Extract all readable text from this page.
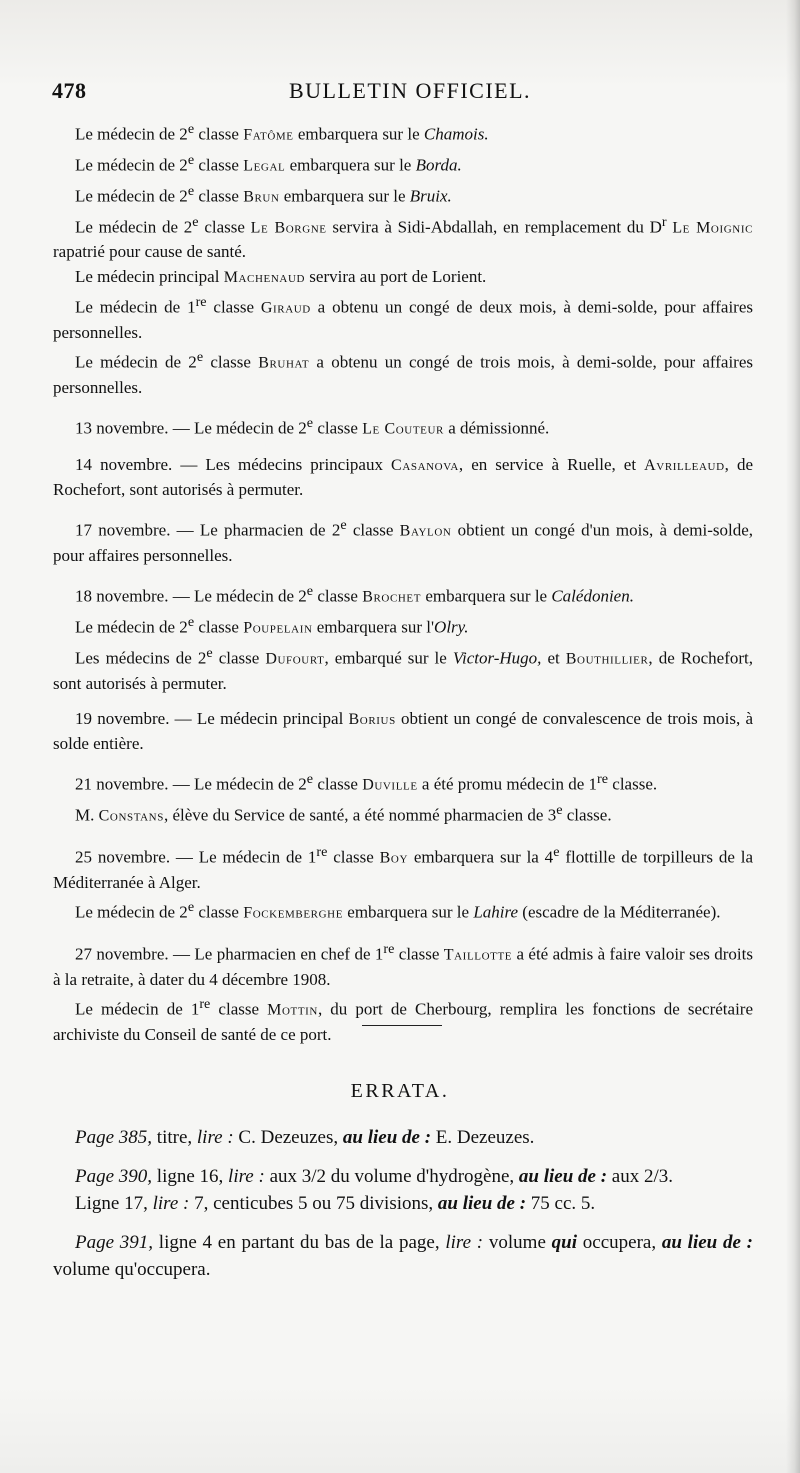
478	BULLETIN OFFICIEL.

Le médecin de 2e classe Fatôme embarquera sur le Chamois.

Le médecin de 2e classe Legal embarquera sur le Borda.

Le médecin de 2e classe Brun embarquera sur le Bruix.

Le médecin de 2e classe Le Borgne servira à Sidi-Abdallah, en remplacement du $D^r$ Le Moignic rapatrié pour cause de santé.

Le médecin principal Machenaud servira au port de Lorient.

Le médecin de 1re classe Giraud a obtenu un congé de deux mois, à demi-solde, pour affaires personnelles.

Le médecin de 2e classe Bruhat a obtenu un congé de trois mois, à demi-solde, pour affaires personnelles.

13 novembre. — Le médecin de 2e classe Le Couteur a démissionné.

14 novembre. — Les médecins principaux Casanova, en service à Ruelle, et Avrilleaud, de Rochefort, sont autorisés à permuter.

17 novembre. — Le pharmacien de 2e classe Baylon obtient un congé d'un mois, à demi-solde, pour affaires personnelles.

18 novembre. — Le médecin de 2e classe Brochet embarquera sur le Calédonien.

Le médecin de 2e classe Poupelain embarquera sur l'Olry.

Les médecins de 2e classe Dufourt, embarqué sur le Victor-Hugo, et Bouthillier, de Rochefort, sont autorisés à permuter.

19 novembre. — Le médecin principal Borius obtient un congé de convalescence de trois mois, à solde entière.

21 novembre. — Le médecin de 2e classe Duville a été promu médecin de 1re classe.

M. Constans, élève du Service de santé, a été nommé pharmacien de 3e classe.

25 novembre. — Le médecin de 1re classe Boy embarquera sur la 4e flottille de torpilleurs de la Méditerranée à Alger.

Le médecin de 2e classe Fockemberghe embarquera sur le Lahire (escadre de la Méditerranée).

27 novembre. — Le pharmacien en chef de 1re classe Taillotte a été admis à faire valoir ses droits à la retraite, à dater du 4 décembre 1908.

Le médecin de 1re classe Mottin, du port de Cherbourg, remplira les fonctions de secrétaire archiviste du Conseil de santé de ce port.

ERRATA.

Page 385, titre, lire : C. Dezeuzes, au lieu de : E. Dezeuzes.

Page 390, ligne 16, lire : aux 3/2 du volume d'hydrogène, au lieu de : aux 2/3.

Ligne 17, lire : 7, centicubes 5 ou 75 divisions, au lieu de : 75 cc. 5.

Page 391, ligne 4 en partant du bas de la page, lire : volume qui occupera, au lieu de : volume qu'occupera.
